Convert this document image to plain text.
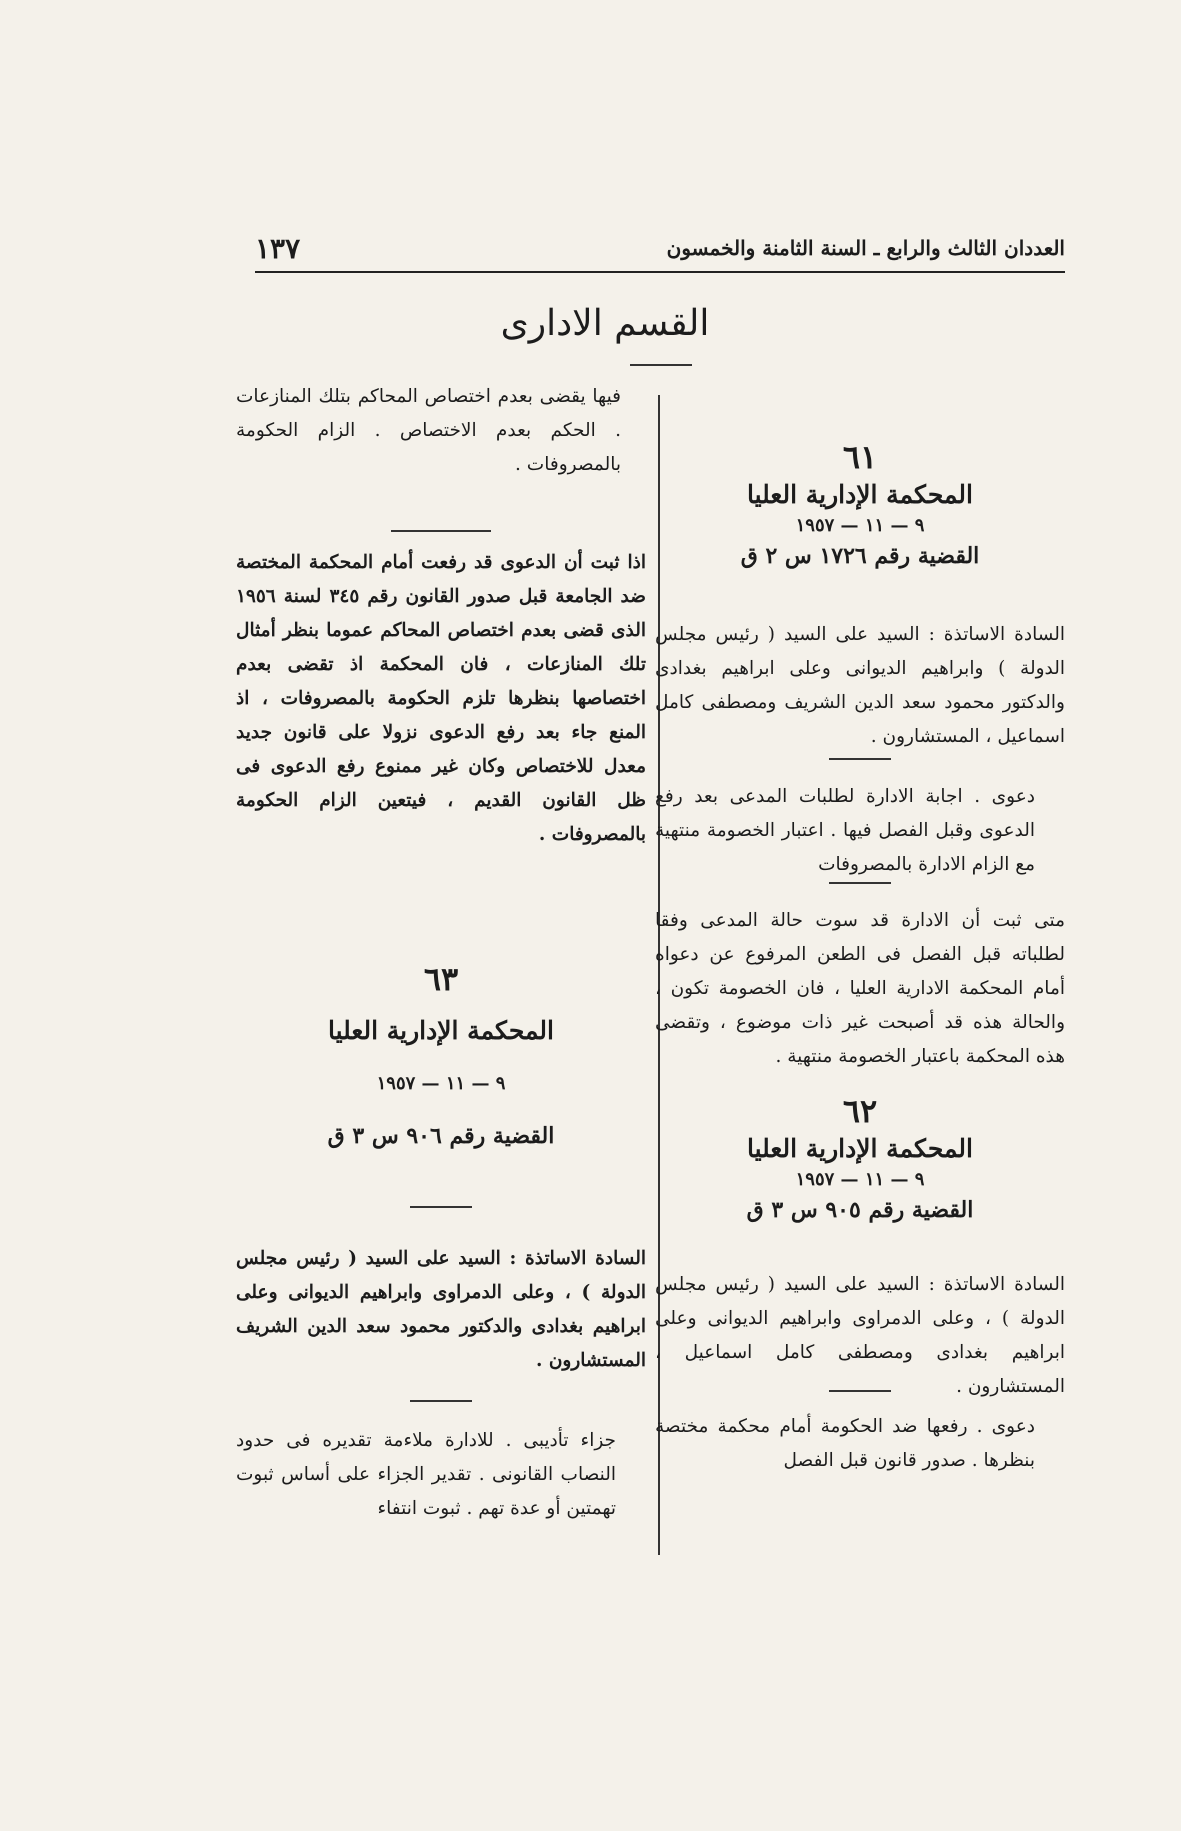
العددان الثالث والرابع ـ السنة الثامنة والخمسون
١٣٧
القسم الادارى
٦١
المحكمة الإدارية العليا
٩ — ١١ — ١٩٥٧
القضية رقم ١٧٢٦ س ٢ ق
السادة الاساتذة : السيد على السيد ( رئيس مجلس الدولة ) وابراهيم الديوانى وعلى ابراهيم بغدادى والدكتور محمود سعد الدين الشريف ومصطفى كامل اسماعيل ، المستشارون .
دعوى . اجابة الادارة لطلبات المدعى بعد رفع الدعوى وقبل الفصل فيها . اعتبار الخصومة منتهية مع الزام الادارة بالمصروفات
متى ثبت أن الادارة قد سوت حالة المدعى وفقا لطلباته قبل الفصل فى الطعن المرفوع عن دعواه أمام المحكمة الادارية العليا ، فان الخصومة تكون ، والحالة هذه قد أصبحت غير ذات موضوع ، وتقضى هذه المحكمة باعتبار الخصومة منتهية .
٦٢
المحكمة الإدارية العليا
٩ — ١١ — ١٩٥٧
القضية رقم ٩٠٥ س ٣ ق
السادة الاساتذة : السيد على السيد ( رئيس مجلس الدولة ) ، وعلى الدمراوى وابراهيم الديوانى وعلى ابراهيم بغدادى ومصطفى كامل اسماعيل ، المستشارون .
دعوى . رفعها ضد الحكومة أمام محكمة مختصة بنظرها . صدور قانون قبل الفصل
فيها يقضى بعدم اختصاص المحاكم بتلك المنازعات . الحكم بعدم الاختصاص . الزام الحكومة بالمصروفات .
اذا ثبت أن الدعوى قد رفعت أمام المحكمة المختصة ضد الجامعة قبل صدور القانون رقم ٣٤٥ لسنة ١٩٥٦ الذى قضى بعدم اختصاص المحاكم عموما بنظر أمثال تلك المنازعات ، فان المحكمة اذ تقضى بعدم اختصاصها بنظرها تلزم الحكومة بالمصروفات ، اذ المنع جاء بعد رفع الدعوى نزولا على قانون جديد معدل للاختصاص وكان غير ممنوع رفع الدعوى فى ظل القانون القديم ، فيتعين الزام الحكومة بالمصروفات .
٦٣
المحكمة الإدارية العليا
٩ — ١١ — ١٩٥٧
القضية رقم ٩٠٦ س ٣ ق
السادة الاساتذة : السيد على السيد ( رئيس مجلس الدولة ) ، وعلى الدمراوى وابراهيم الديوانى وعلى ابراهيم بغدادى والدكتور محمود سعد الدين الشريف المستشارون .
جزاء تأديبى . للادارة ملاءمة تقديره فى حدود النصاب القانونى . تقدير الجزاء على أساس ثبوت تهمتين أو عدة تهم . ثبوت انتفاء
